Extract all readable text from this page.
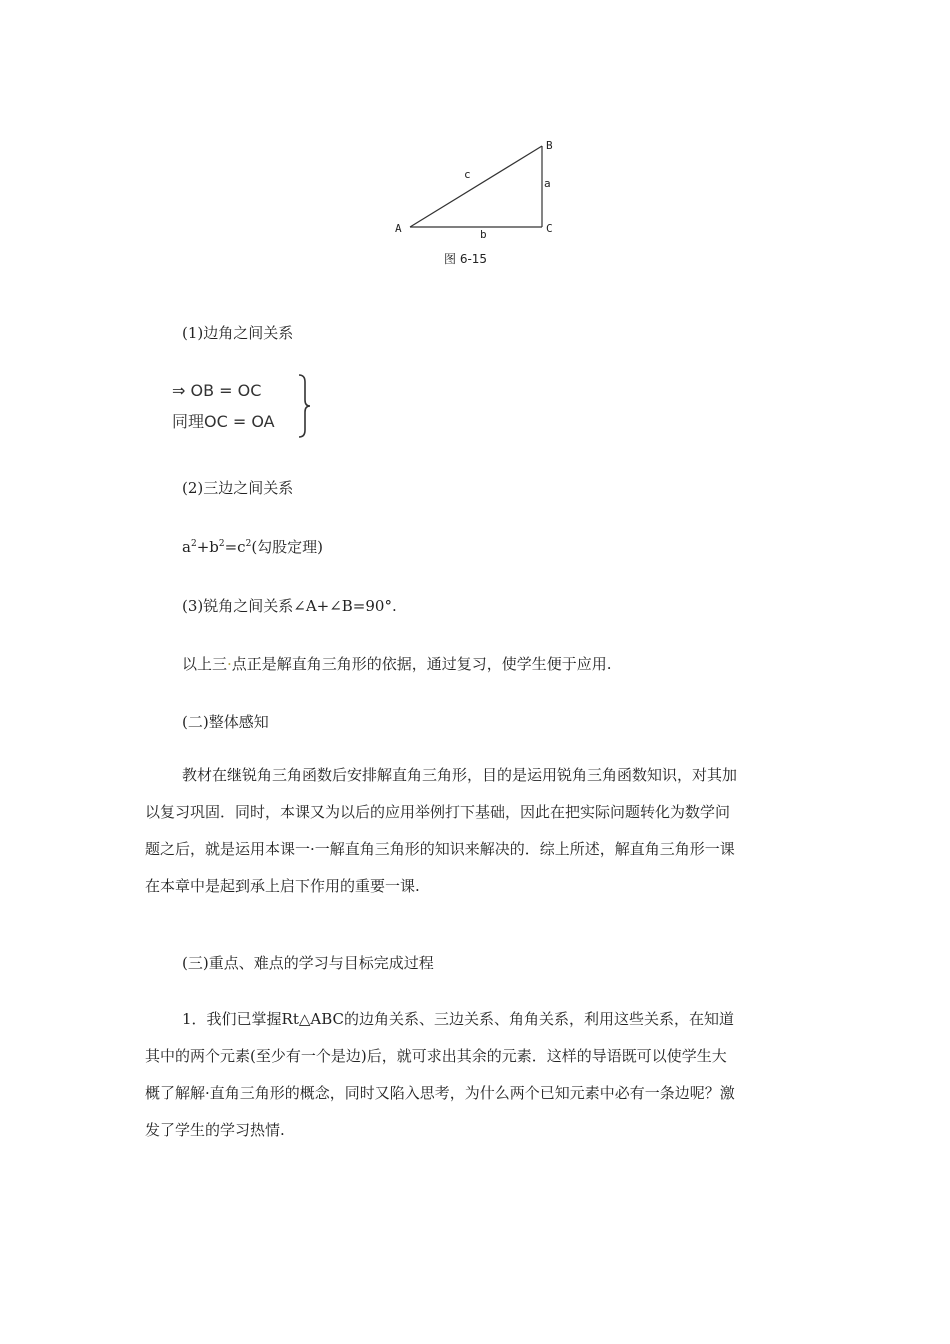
A
B
C
a
b
c
图 6-15
(1)边角之间关系
⇒ OB = OC
同理OC = OA
(2)三边之间关系
$a^2+b^2=c^2$(勾股定理)
(3)锐角之间关系∠A+∠B=90°.
以上三·点正是解直角三角形的依据，通过复习，使学生便于应用.
(二)整体感知

教材在继锐角三角函数后安排解直角三角形，目的是运用锐角三角函数知识，对其加

以复习巩固．同时，本课又为以后的应用举例打下基础，因此在把实际问题转化为数学问

题之后，就是运用本课一·一解直角三角形的知识来解决的．综上所述，解直角三角形一课

在本章中是起到承上启下作用的重要一课.

(三)重点、难点的学习与目标完成过程

1．我们已掌握Rt△ABC的边角关系、三边关系、角角关系，利用这些关系，在知道

其中的两个元素(至少有一个是边)后，就可求出其余的元素．这样的导语既可以使学生大

概了解解·直角三角形的概念，同时又陷入思考，为什么两个已知元素中必有一条边呢？激

发了学生的学习热情.
